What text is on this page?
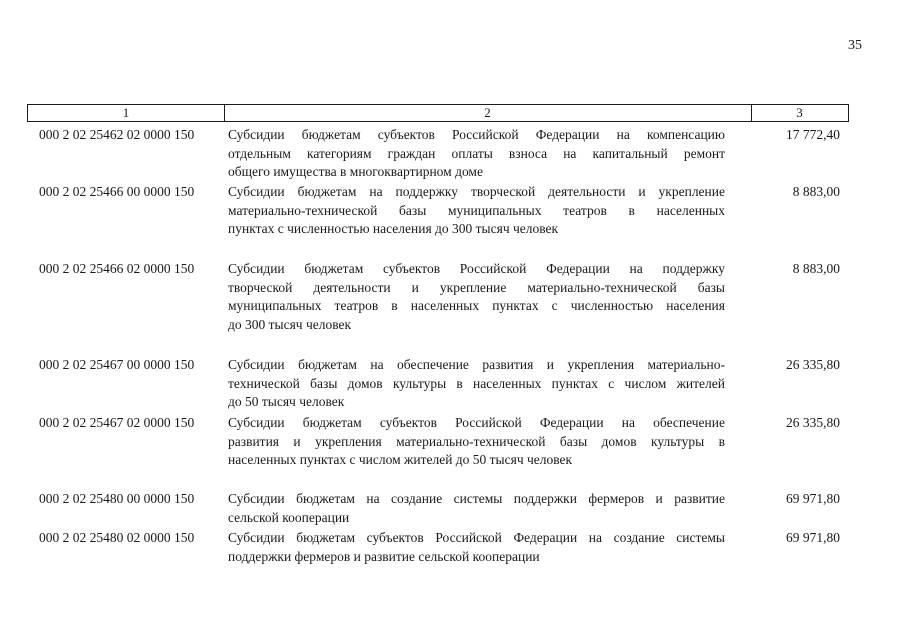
35
1	2	3
000 2 02 25462 02 0000 150	Субсидии бюджетам субъектов Российской Федерации на компенсацию
отдельным категориям граждан оплаты взноса на капитальный ремонт
общего имущества в многоквартирном доме
17 772,40
000 2 02 25466 00 0000 150	Субсидии бюджетам на поддержку творческой деятельности и укрепление
материально-технической базы муниципальных театров в населенных
пунктах с численностью населения до 300 тысяч человек
8 883,00
000 2 02 25466 02 0000 150	Субсидии бюджетам субъектов Российской Федерации на поддержку
творческой деятельности и укрепление материально-технической базы
муниципальных театров в населенных пунктах с численностью населения
до 300 тысяч человек
8 883,00
000 2 02 25467 00 0000 150	Субсидии бюджетам на обеспечение развития и укрепления материально-
технической базы домов культуры в населенных пунктах с числом жителей
до 50 тысяч человек
26 335,80
000 2 02 25467 02 0000 150	Субсидии бюджетам субъектов Российской Федерации на обеспечение
развития и укрепления материально-технической базы домов культуры в
населенных пунктах с числом жителей до 50 тысяч человек
26 335,80
000 2 02 25480 00 0000 150	Субсидии бюджетам на создание системы поддержки фермеров и развитие
сельской кооперации
69 971,80
000 2 02 25480 02 0000 150	Субсидии бюджетам субъектов Российской Федерации на создание системы
поддержки фермеров и развитие сельской кооперации
69 971,80
